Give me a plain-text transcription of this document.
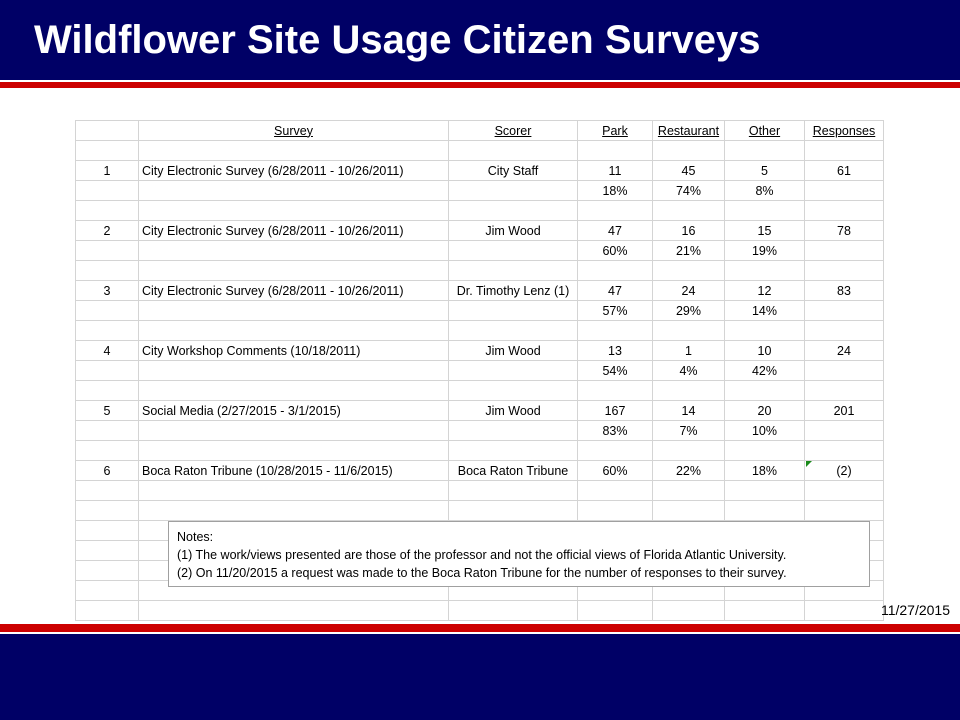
Wildflower Site Usage Citizen Surveys
	Survey	Scorer	Park	Restaurant	Other	Responses

1	City Electronic Survey (6/28/2011 - 10/26/2011)	City Staff	11	45	5	61
			18%	74%	8%	

2	City Electronic Survey (6/28/2011 - 10/26/2011)	Jim Wood	47	16	15	78
			60%	21%	19%	

3	City Electronic Survey (6/28/2011 - 10/26/2011)	Dr. Timothy Lenz (1)	47	24	12	83
			57%	29%	14%	

4	City Workshop Comments (10/18/2011)	Jim Wood	13	1	10	24
			54%	4%	42%	

5	Social Media (2/27/2015 - 3/1/2015)	Jim Wood	167	14	20	201
			83%	7%	10%	

6	Boca Raton Tribune (10/28/2015 - 11/6/2015)	Boca Raton Tribune	60%	22%	18%	(2)

Notes:
(1) The work/views presented are those of the professor and not the official views of Florida Atlantic University.
(2) On 11/20/2015 a request was made to the Boca Raton Tribune for the number of responses to their survey.
11/27/2015
